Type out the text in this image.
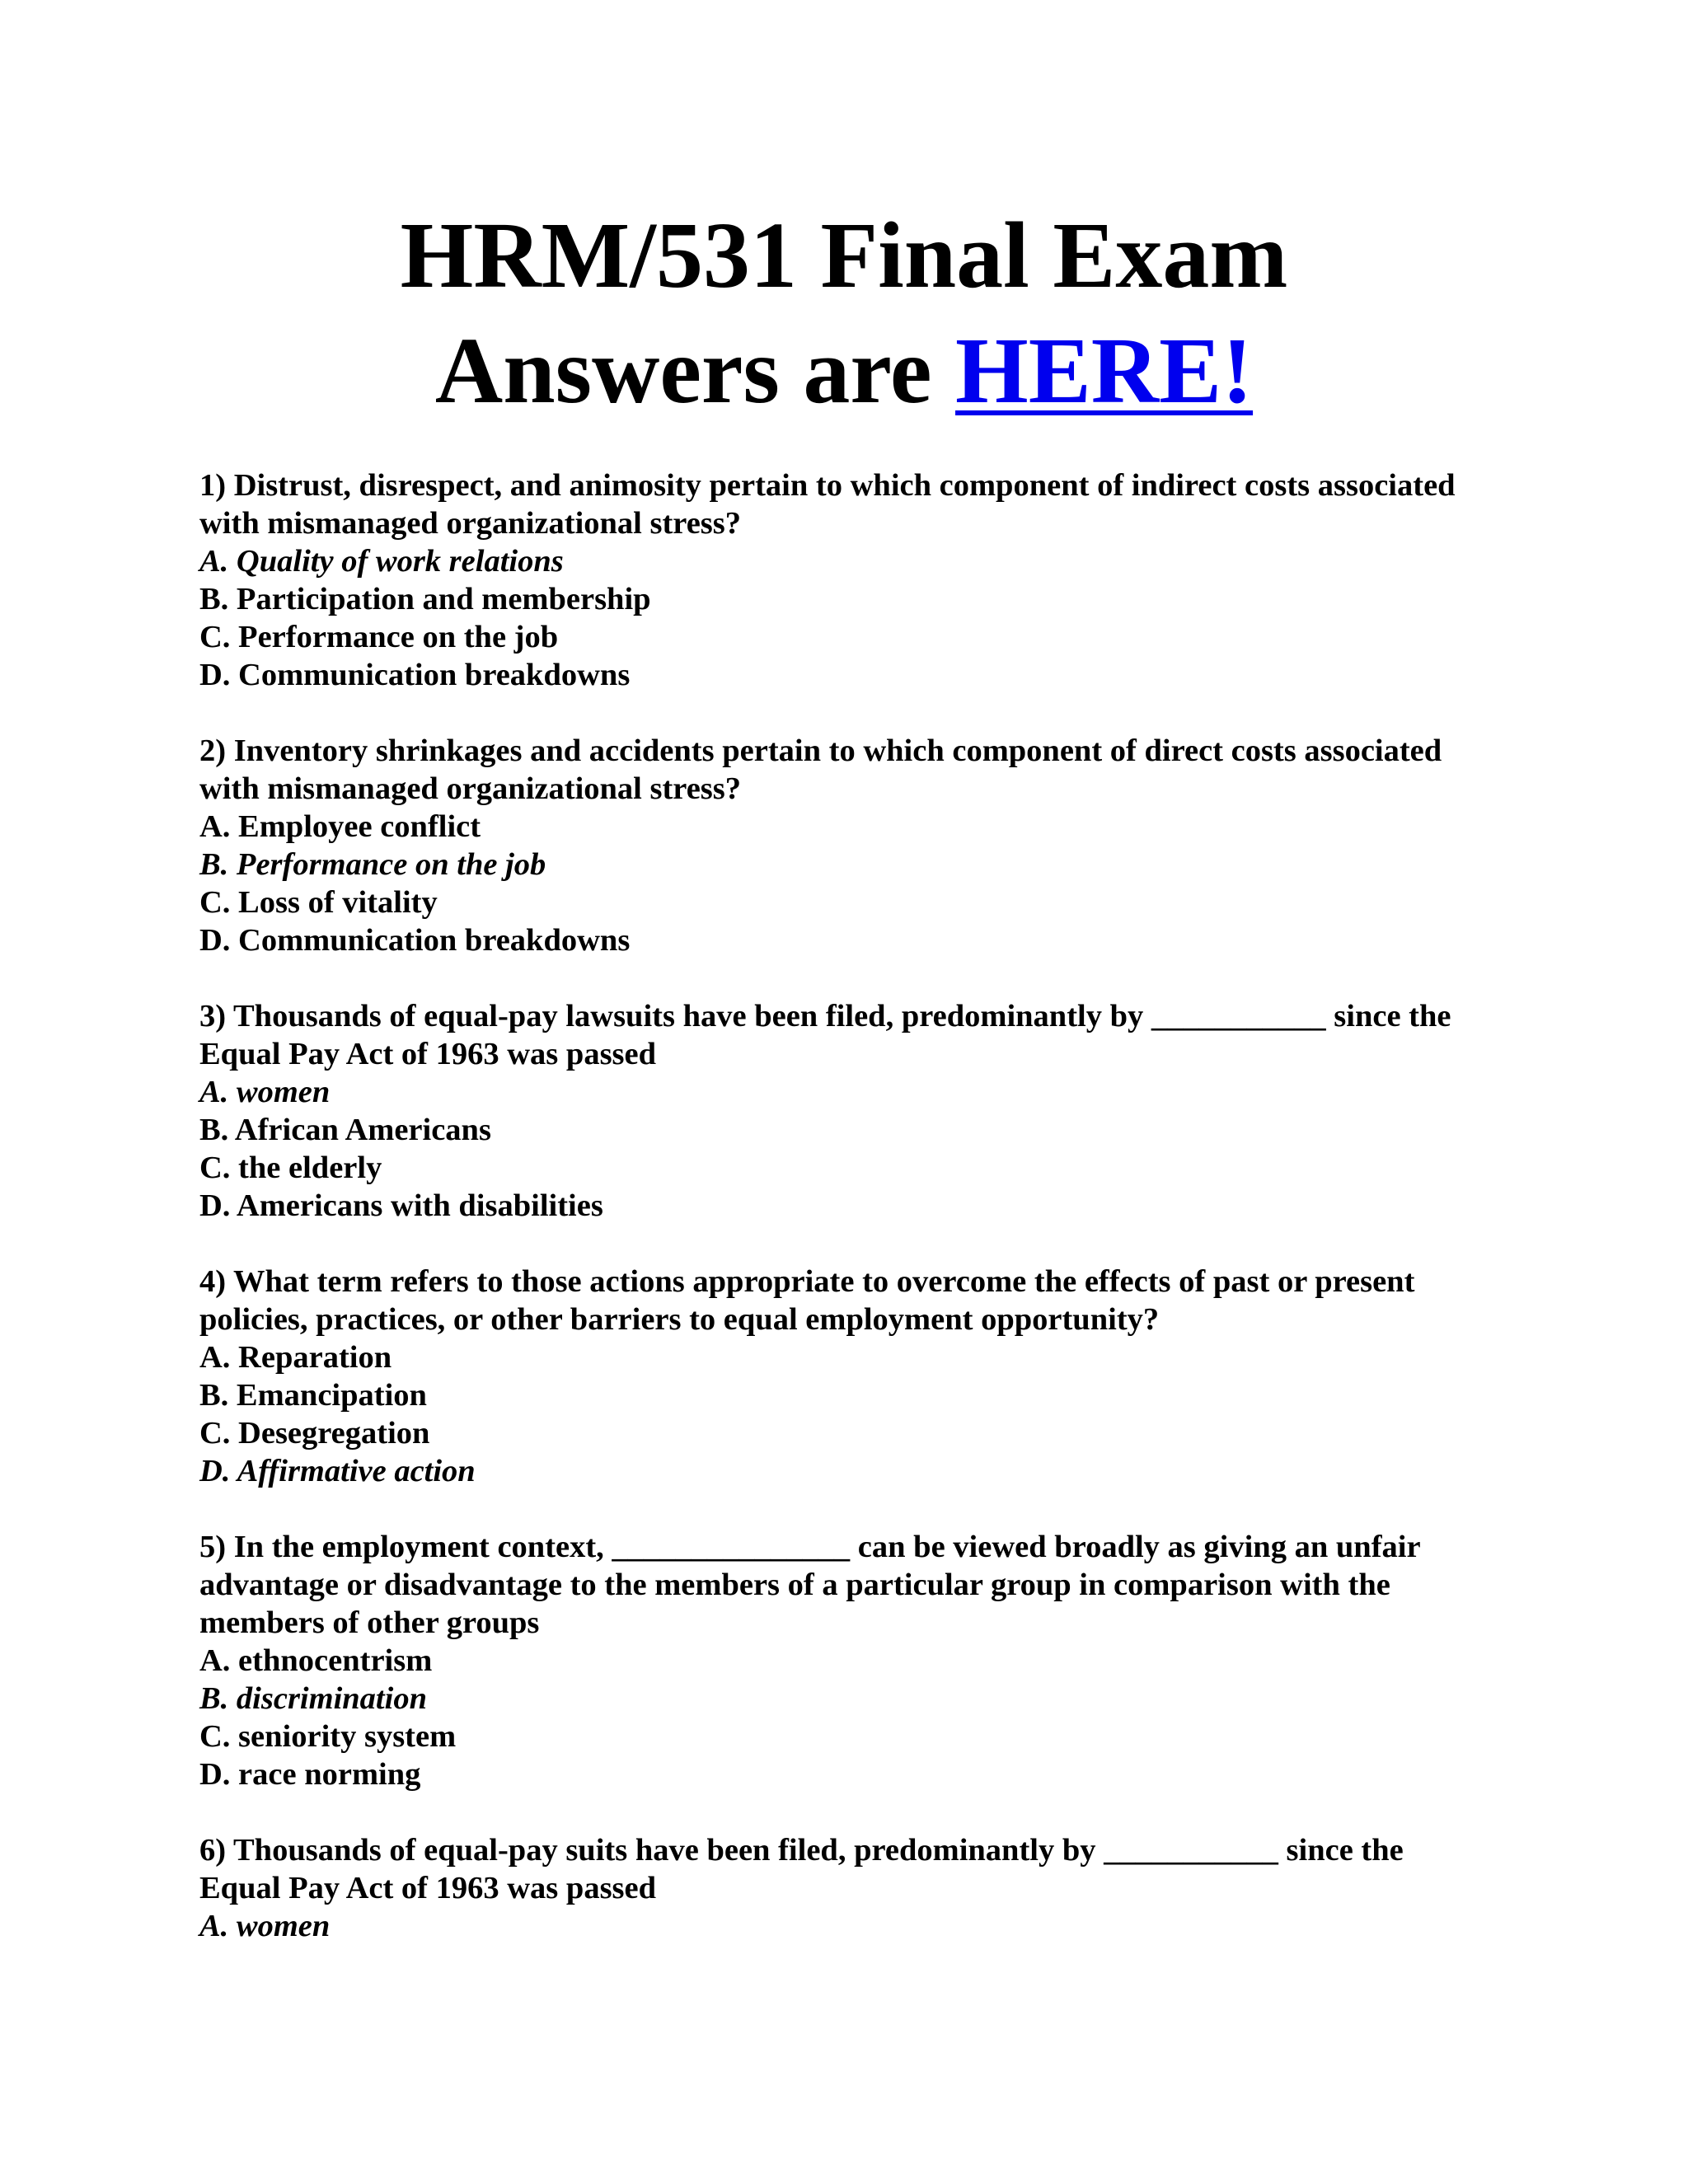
HRM/531 Final Exam
Answers are HERE!
1) Distrust, disrespect, and animosity pertain to which component of indirect costs associated with mismanaged organizational stress?
A. Quality of work relations
B. Participation and membership
C. Performance on the job
D. Communication breakdowns
2) Inventory shrinkages and accidents pertain to which component of direct costs associated with mismanaged organizational stress?
A. Employee conflict
B. Performance on the job
C. Loss of vitality
D. Communication breakdowns
3) Thousands of equal-pay lawsuits have been filed, predominantly by ___________ since the Equal Pay Act of 1963 was passed
A. women
B. African Americans
C. the elderly
D. Americans with disabilities
4) What term refers to those actions appropriate to overcome the effects of past or present policies, practices, or other barriers to equal employment opportunity?
A. Reparation
B. Emancipation
C. Desegregation
D. Affirmative action
5) In the employment context, _______________ can be viewed broadly as giving an unfair advantage or disadvantage to the members of a particular group in comparison with the members of other groups
A. ethnocentrism
B. discrimination
C. seniority system
D. race norming
6) Thousands of equal-pay suits have been filed, predominantly by ___________ since the Equal Pay Act of 1963 was passed
A. women
